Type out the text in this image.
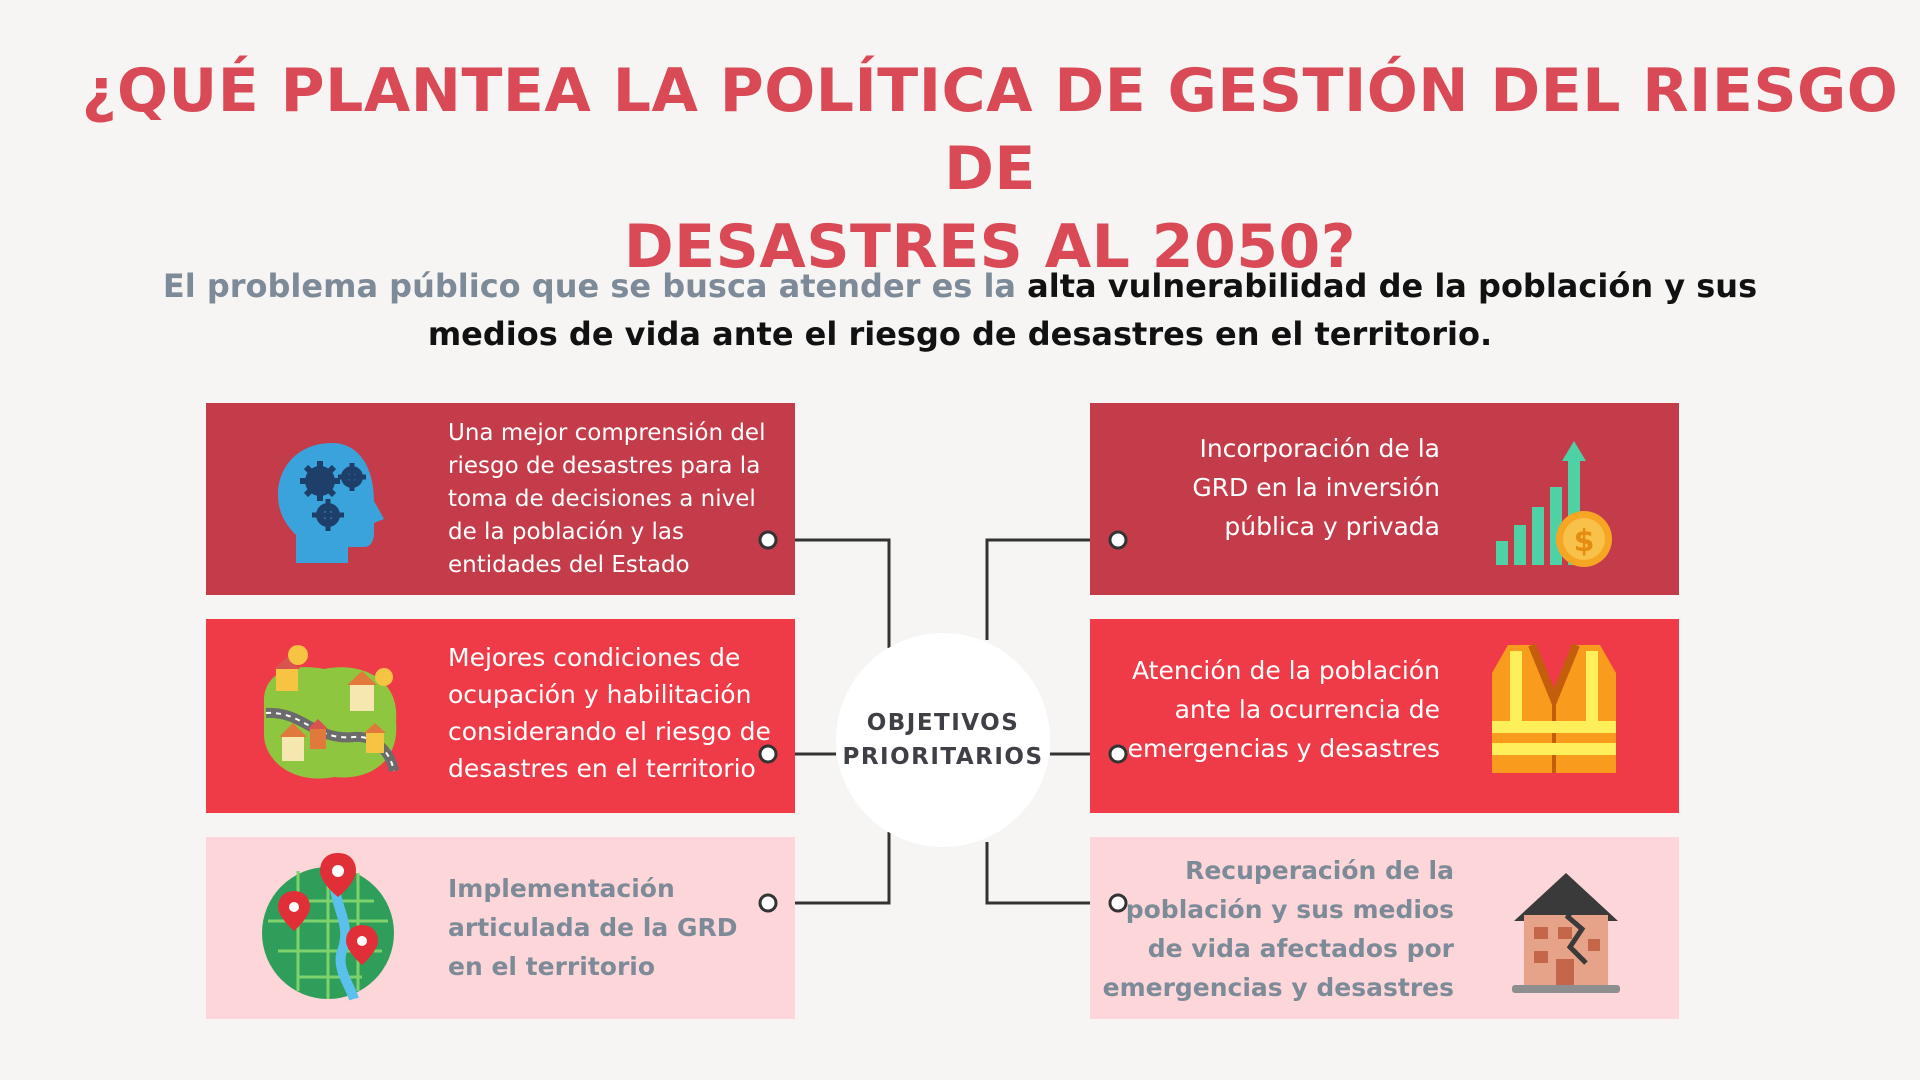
¿QUÉ PLANTEA LA POLÍTICA DE GESTIÓN DEL RIESGO DE
DESASTRES AL 2050?
El problema público que se busca atender es la alta vulnerabilidad de la población y sus medios de vida ante el riesgo de desastres en el territorio.
Una mejor comprensión del riesgo de desastres para la toma de decisiones a nivel de la población y las entidades del Estado
Mejores condiciones de ocupación y habilitación considerando el riesgo de desastres en el territorio
Implementación articulada de la GRD en el territorio
$
Incorporación de la GRD en la inversión pública y privada
Atención de la población ante la ocurrencia de emergencias y desastres
Recuperación de la población y sus medios de vida afectados por emergencias y desastres
OBJETIVOS
PRIORITARIOS
